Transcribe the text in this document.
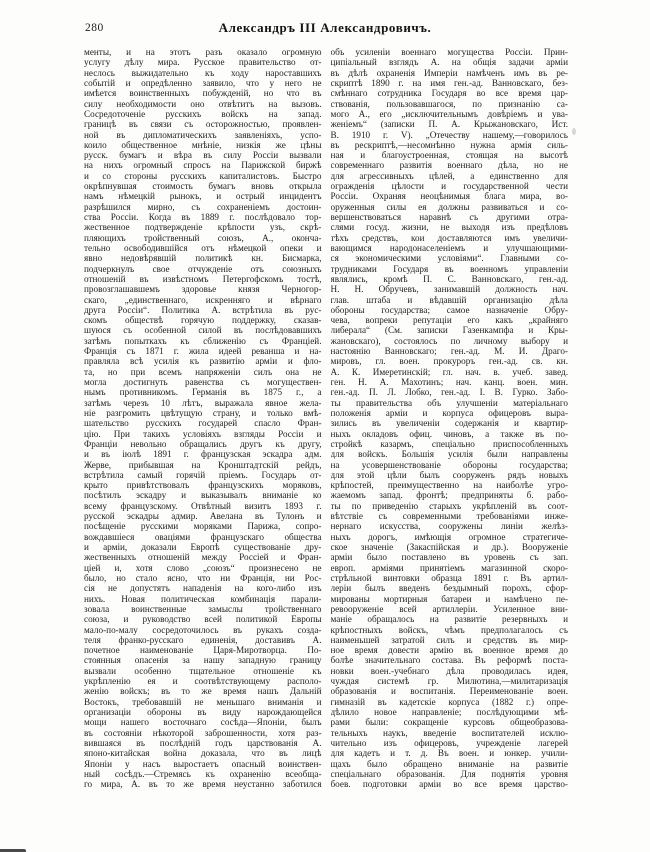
280	Александръ III Александровичъ.
менты, и на этотъ разъ оказало огромную
услугу дѣлу мира. Русское правительство от-
неслось выжидательно къ ходу нароставшихъ
событій и опредѣленно заявило, что у него не
имѣется воинственныхъ побужденій, но что въ
силу необходимости оно отвѣтитъ на вызовъ.
Сосредоточеніе русскихъ войскъ на запад.
границѣ въ связи съ осторожностью, проявлен-
ной въ дипломатическихъ заявленіяхъ, успо-
коило общественное мнѣніе, низкія же цѣны
русск. бумагъ и вѣра въ силу Россіи вызвали
на нихъ огромный спросъ на Парижской биржѣ
и со стороны русскихъ капиталистовъ. Быстро
окрѣпнувшая стоимость бумагъ вновь открыла
намъ нѣмецкій рынокъ, и острый инцидентъ
разрѣшился мирно, съ сохраненіемъ достоин-
ства Россіи. Когда въ 1889 г. послѣдовало тор-
жественное подтвержденіе крѣпости узъ, скрѣ-
пляющихъ тройственный союзъ, А., оконча-
тельно освободившійся отъ нѣмецкой опеки и
явно недовѣрявшій политикѣ кн. Бисмарка,
подчеркнулъ свое отчужденіе отъ союзныхъ
отношеній въ извѣстномъ Петергофскомъ тостѣ,
провозглашавшемъ здоровье князя Черногор-
скаго, „единственнаго, искренняго и вѣрнаго
друга Россіи“. Политика А. встрѣтила въ рус-
скомъ обществѣ горячую поддержку, сказав-
шуюся съ особенной силой въ послѣдовавшихъ
затѣмъ попыткахъ къ сближенію съ Франціей.
Франція съ 1871 г. жила идеей реванша и на-
правляла всѣ усилія къ развитію арміи и фло-
та, но при всемъ напряженіи силъ она не
могла достигнуть равенства съ могуществен-
нымъ противникомъ. Германія въ 1875 г., а
затѣмъ черезъ 10 лѣтъ, выражала явное жела-
ніе разгромить цвѣтущую страну, и только вмѣ-
шательство русскихъ государей спасло Фран-
цію. При такихъ условіяхъ взгляды Россіи и
Франціи невольно обращались другъ къ другу,
и въ іюлѣ 1891 г. французская эскадра адм.
Жерве, прибывшая на Кронштадтскій рейдъ,
встрѣтила самый горячій пріемъ. Государь от-
крыто привѣтствовалъ французскихъ моряковъ,
посѣтилъ эскадру и выказывалъ вниманіе ко
всему французскому. Отвѣтный визитъ 1893 г.
русской эскадры адмир. Авелана въ Тулонъ и
посѣщеніе русскими моряками Парижа, сопро-
вождавшіеся оваціями французскаго общества
и арміи, доказали Европѣ существованіе дру-
жественныхъ отношеній между Россіей и Фран-
ціей и, хотя слово „союзъ“ произнесено не
было, но стало ясно, что ни Франція, ни Рос-
сія не допустятъ нападенія на кого-либо изъ
нихъ. Новая политическая комбинація парали-
зовала воинственные замыслы тройственнаго
союза, и руководство всей политикой Европы
мало-по-малу сосредоточилось въ рукахъ созда-
теля франко-русскаго единенія, доставивъ А.
почетное наименованіе Царя-Миротворца. По-
стоянныя опасенія за нашу западную границу
вызвали особенно тщательное отношеніе къ
укрѣпленію ея и соотвѣтствующему располо-
женію войскъ; въ то же время нашъ Дальній
Востокъ, требовавшій не меньшаго вниманія и
организаціи обороны въ виду нарождающейся
мощи нашего восточнаго сосѣда—Японіи, былъ
въ состояніи нѣкоторой заброшенности, хотя раз-
вившаяся въ послѣдній годъ царствованія А.
японо-китайская война доказала, что въ лицѣ
Японіи у насъ выростаетъ опасный воинствен-
ный сосѣдъ.—Стремясь къ охраненію всеобща-
го мира, А. въ то же время неустанно заботился
объ усиленіи военнаго могущества Россіи. Прин-
ципіальный взглядъ А. на общія задачи арміи
въ дѣлѣ охраненія Имперіи намѣченъ имъ въ ре-
скриптѣ 1890 г. на имя ген.-ад. Ванновскаго, без-
смѣннаго сотрудника Государя во все время цар-
ствованія, пользовавшагося, по признанію са-
мого А., его „исключительнымъ довѣріемъ и ува-
женіемъ“ (записки П. А. Крыжановскаго, Ист.
В. 1910 г. V). „Отечеству нашему,—говорилось
въ рескриптѣ,—несомнѣнно нужна армія силь-
ная и благоустроенная, стоящая на высотѣ
современнаго развитія военнаго дѣла, но не
для агрессивныхъ цѣлей, а единственно для
огражденія цѣлости и государственной чести
Россіи. Охраняя неоцѣнимыя блага мира, во-
оруженныя силы ея должны развиваться и со-
вершенствоваться наравнѣ съ другими отра-
слями госуд. жизни, не выходя изъ предѣловъ
тѣхъ средствъ, кои доставляются имъ увеличи-
вающимся народонаселеніемъ и улучшающими-
ся экономическими условіями“. Главными со-
трудниками Государя въ военномъ управленіи
являлись, кромѣ П. С. Ванновскаго, ген.-ад.
Н. Н. Обручевъ, занимавшій должность нач.
глав. штаба и вѣдавшій организацію дѣла
обороны государства; самое назначеніе Обру-
чева, вопреки репутаціи его какъ „крайняго
либерала“ (См. записки Газенкампфа и Кры-
жановскаго), состоялось по личному выбору и
настоянію Ванновскаго; ген.-ад. М. И. Драго-
мировъ, гл. воен. прокуроръ ген.-ад. св. кн.
А. К. Имеретинскій; гл. нач. в. учеб. завед.
ген. Н. А. Махотинъ; нач. канц. воен. мин.
ген.-ад. П. Л. Лобко, ген.-ад. І. В. Гурко. Забо-
ты правительства объ улучшеніи матеріальнаго
положенія арміи и корпуса офицеровъ выра-
зились въ увеличеніи содержанія и квартир-
ныхъ окладовъ офиц. чиновъ, а также въ по-
стройкѣ казармъ, спеціально приспособленныхъ
для войскъ. Большія усилія были направлены
на усовершенствованіе обороны государства;
для этой цѣли былъ сооруженъ рядъ новыхъ
крѣпостей, преимущественно на наиболѣе угро-
жаемомъ запад. фронтѣ; предприняты б. рабо-
ты по приведенію старыхъ укрѣпленій въ соот-
вѣтствіе съ современными требованіями инже-
нернаго искусства, сооружены линіи желѣз-
ныхъ дорогъ, имѣющія огромное стратегиче-
ское значеніе (Закаспійская и др.). Вооруженіе
арміи было поставлено въ уровень съ зап.
европ. арміями принятіемъ магазинной скоро-
стрѣльной винтовки образца 1891 г. Въ артил-
леріи былъ введенъ бездымный порохъ, сфор-
мированы мортирныя батареи и намѣчено пе-
ревооруженіе всей артиллеріи. Усиленное вни-
маніе обращалось на развитіе резервныхъ и
крѣпостныхъ войскъ, чѣмъ предполагалось съ
наименьшей затратой силъ и средствъ въ мир-
ное время довести армію въ военное время до
болѣе значительнаго состава. Въ реформѣ поста-
новки воен.-учебнаго дѣла проводилась идея,
чуждая системѣ гр. Милютина,—милитаризація
образованія и воспитанія. Переименованіе воен.
гимназій въ кадетскіе корпуса (1882 г.) опре-
дѣлило новое направленіе; послѣдующими мѣ-
рами были: сокращеніе курсовъ общеобразова-
тельныхъ наукъ, введеніе воспитателей исклю-
чительно изъ офицеровъ, учрежденіе лагерей
для кадетъ и т. д. Въ воен. и юнкер. учили-
щахъ было обращено вниманіе на развитіе
спеціальнаго образованія. Для поднятія уровня
боев. подготовки арміи во все время царство-
